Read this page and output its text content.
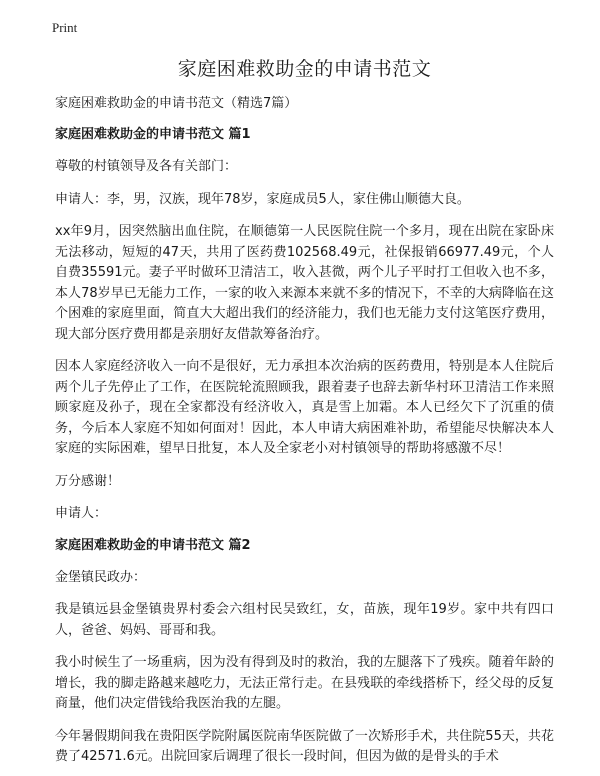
Print
家庭困难救助金的申请书范文

家庭困难救助金的申请书范文（精选7篇）

家庭困难救助金的申请书范文 篇1

尊敬的村镇领导及各有关部门：

申请人：李，男，汉族，现年78岁，家庭成员5人，家住佛山顺德大良。

xx年9月，因突然脑出血住院，在顺德第一人民医院住院一个多月，现在出院在家卧床无法移动，短短的47天，共用了医药费102568.49元，社保报销66977.49元，个人自费35591元。妻子平时做环卫清洁工，收入甚微，两个儿子平时打工但收入也不多，本人78岁早已无能力工作，一家的收入来源本来就不多的情况下，不幸的大病降临在这个困难的家庭里面，简直大大超出我们的经济能力，我们也无能力支付这笔医疗费用，现大部分医疗费用都是亲朋好友借款筹备治疗。

因本人家庭经济收入一向不是很好，无力承担本次治病的医药费用，特别是本人住院后两个儿子先停止了工作，在医院轮流照顾我，跟着妻子也辞去新华村环卫清洁工作来照顾家庭及孙子，现在全家都没有经济收入，真是雪上加霜。本人已经欠下了沉重的债务，今后本人家庭不知如何面对！因此，本人申请大病困难补助，希望能尽快解决本人家庭的实际困难，望早日批复，本人及全家老小对村镇领导的帮助将感激不尽！

万分感谢！

申请人：

家庭困难救助金的申请书范文 篇2

金堡镇民政办：

我是镇远县金堡镇贵界村委会六组村民吴致红，女，苗族，现年19岁。家中共有四口人，爸爸、妈妈、哥哥和我。

我小时候生了一场重病，因为没有得到及时的救治，我的左腿落下了残疾。随着年龄的增长，我的脚走路越来越吃力，无法正常行走。在县残联的牵线搭桥下，经父母的反复商量，他们决定借钱给我医治我的左腿。

今年暑假期间我在贵阳医学院附属医院南华医院做了一次矫形手术，共住院55天，共花费了42571.6元。出院回家后调理了很长一段时间，但因为做的是骨头的手术
